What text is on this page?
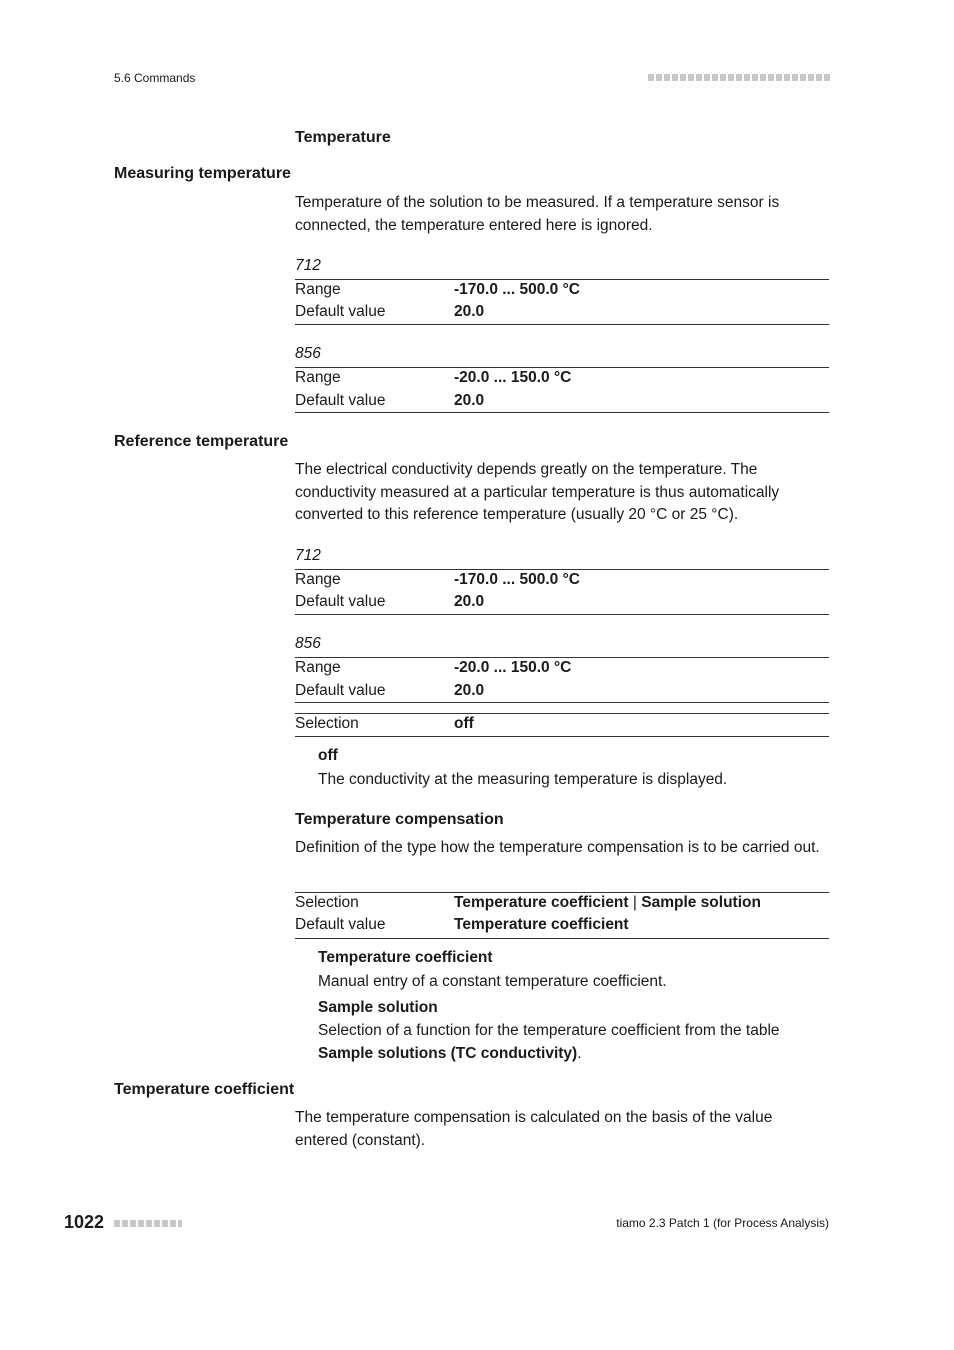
5.6 Commands
Temperature
Measuring temperature
Temperature of the solution to be measured. If a temperature sensor is connected, the temperature entered here is ignored.
712
Range	-170.0 ... 500.0 °C
Default value	20.0
856
Range	-20.0 ... 150.0 °C
Default value	20.0
Reference temperature
The electrical conductivity depends greatly on the temperature. The conductivity measured at a particular temperature is thus automatically converted to this reference temperature (usually 20 °C or 25 °C).
712
Range	-170.0 ... 500.0 °C
Default value	20.0
856
Range	-20.0 ... 150.0 °C
Default value	20.0
Selection	off
off
The conductivity at the measuring temperature is displayed.
Temperature compensation
Definition of the type how the temperature compensation is to be carried out.
Selection	Temperature coefficient | Sample solution
Default value	Temperature coefficient
Temperature coefficient
Manual entry of a constant temperature coefficient.
Sample solution
Selection of a function for the temperature coefficient from the table
Sample solutions (TC conductivity).
Temperature coefficient
The temperature compensation is calculated on the basis of the value entered (constant).
1022	tiamo 2.3 Patch 1 (for Process Analysis)
